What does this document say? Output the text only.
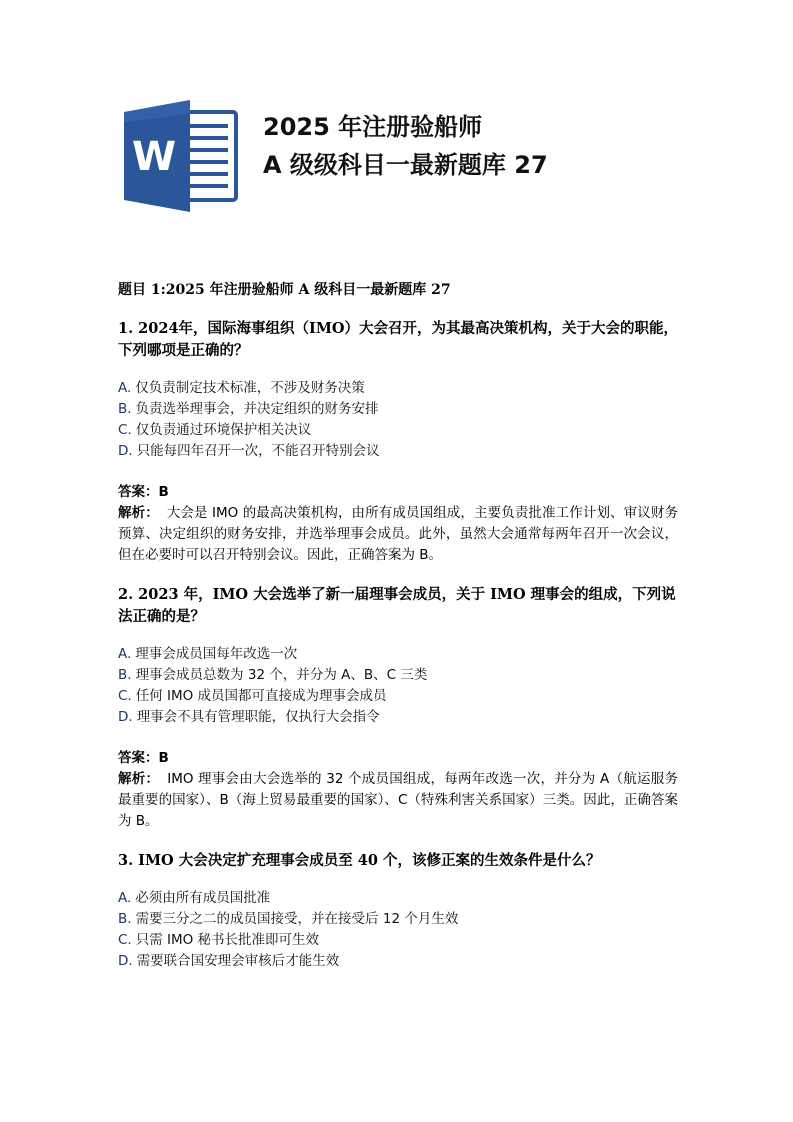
W
2025 年注册验船师
A 级级科目一最新题库 27
题目 1:2025 年注册验船师 A 级科目一最新题库 27
1. 2024年，国际海事组织（IMO）大会召开，为其最高决策机构，关于大会的职能，下列哪项是正确的？
A. 仅负责制定技术标准，不涉及财务决策
B. 负责选举理事会，并决定组织的财务安排
C. 仅负责通过环境保护相关决议
D. 只能每四年召开一次，不能召开特别会议
答案：B
解析： 大会是 IMO 的最高决策机构，由所有成员国组成，主要负责批准工作计划、审议财务预算、决定组织的财务安排，并选举理事会成员。此外，虽然大会通常每两年召开一次会议，但在必要时可以召开特别会议。因此，正确答案为 B。
2. 2023 年，IMO 大会选举了新一届理事会成员，关于 IMO 理事会的组成，下列说法正确的是？
A. 理事会成员国每年改选一次
B. 理事会成员总数为 32 个，并分为 A、B、C 三类
C. 任何 IMO 成员国都可直接成为理事会成员
D. 理事会不具有管理职能，仅执行大会指令
答案：B
解析： IMO 理事会由大会选举的 32 个成员国组成，每两年改选一次，并分为 A（航运服务最重要的国家）、B（海上贸易最重要的国家）、C（特殊利害关系国家）三类。因此，正确答案为 B。
3. IMO 大会决定扩充理事会成员至 40 个，该修正案的生效条件是什么？
A. 必须由所有成员国批准
B. 需要三分之二的成员国接受，并在接受后 12 个月生效
C. 只需 IMO 秘书长批准即可生效
D. 需要联合国安理会审核后才能生效
